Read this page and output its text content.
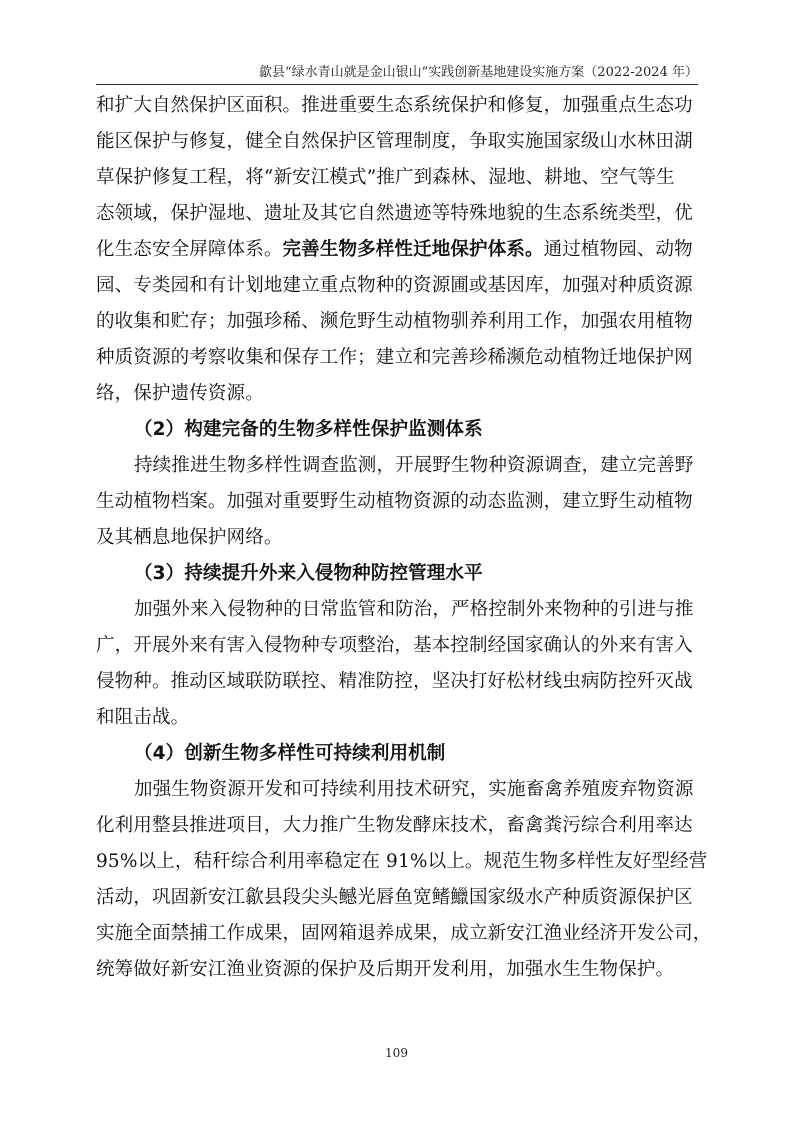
歙县“绿水青山就是金山银山”实践创新基地建设实施方案（2022-2024 年）
和扩大自然保护区面积。推进重要生态系统保护和修复，加强重点生态功
能区保护与修复，健全自然保护区管理制度，争取实施国家级山水林田湖
草保护修复工程，将“新安江模式”推广到森林、湿地、耕地、空气等生
态领域，保护湿地、遗址及其它自然遗迹等特殊地貌的生态系统类型，优
化生态安全屏障体系。完善生物多样性迁地保护体系。通过植物园、动物
园、专类园和有计划地建立重点物种的资源圃或基因库，加强对种质资源
的收集和贮存；加强珍稀、濒危野生动植物驯养利用工作，加强农用植物
种质资源的考察收集和保存工作；建立和完善珍稀濒危动植物迁地保护网
络，保护遗传资源。
（2）构建完备的生物多样性保护监测体系
持续推进生物多样性调查监测，开展野生物种资源调查，建立完善野
生动植物档案。加强对重要野生动植物资源的动态监测，建立野生动植物
及其栖息地保护网络。
（3）持续提升外来入侵物种防控管理水平
加强外来入侵物种的日常监管和防治，严格控制外来物种的引进与推
广，开展外来有害入侵物种专项整治，基本控制经国家确认的外来有害入
侵物种。推动区域联防联控、精准防控，坚决打好松材线虫病防控歼灭战
和阻击战。
（4）创新生物多样性可持续利用机制
加强生物资源开发和可持续利用技术研究，实施畜禽养殖废弃物资源
化利用整县推进项目，大力推广生物发酵床技术，畜禽粪污综合利用率达
95%以上，秸秆综合利用率稳定在 91%以上。规范生物多样性友好型经营
活动，巩固新安江歙县段尖头鳡光唇鱼宽鳍鱲国家级水产种质资源保护区
实施全面禁捕工作成果，固网箱退养成果，成立新安江渔业经济开发公司，
统筹做好新安江渔业资源的保护及后期开发利用，加强水生生物保护。
109
